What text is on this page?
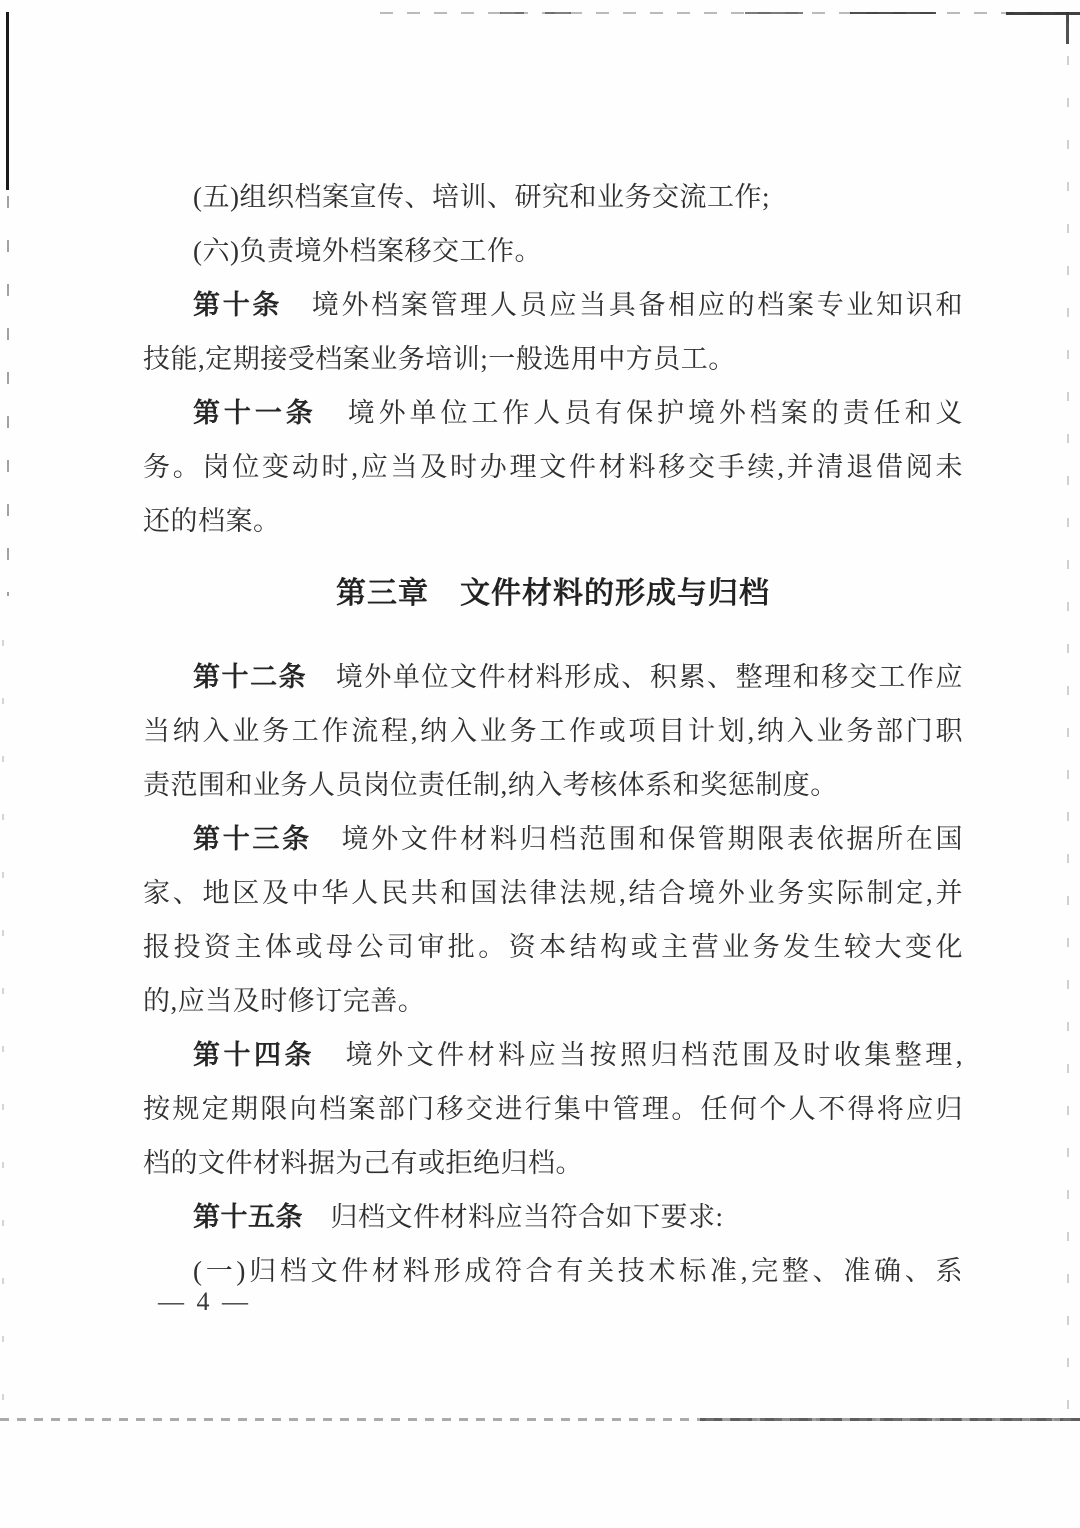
(五)组织档案宣传、培训、研究和业务交流工作;
(六)负责境外档案移交工作。
第十条　境外档案管理人员应当具备相应的档案专业知识和
技能,定期接受档案业务培训;一般选用中方员工。
第十一条　境外单位工作人员有保护境外档案的责任和义
务。岗位变动时,应当及时办理文件材料移交手续,并清退借阅未
还的档案。
第三章　文件材料的形成与归档
第十二条　境外单位文件材料形成、积累、整理和移交工作应
当纳入业务工作流程,纳入业务工作或项目计划,纳入业务部门职
责范围和业务人员岗位责任制,纳入考核体系和奖惩制度。
第十三条　境外文件材料归档范围和保管期限表依据所在国
家、地区及中华人民共和国法律法规,结合境外业务实际制定,并
报投资主体或母公司审批。资本结构或主营业务发生较大变化
的,应当及时修订完善。
第十四条　境外文件材料应当按照归档范围及时收集整理,
按规定期限向档案部门移交进行集中管理。任何个人不得将应归
档的文件材料据为己有或拒绝归档。
第十五条　归档文件材料应当符合如下要求:
(一)归档文件材料形成符合有关技术标准,完整、准确、系
— 4 —
